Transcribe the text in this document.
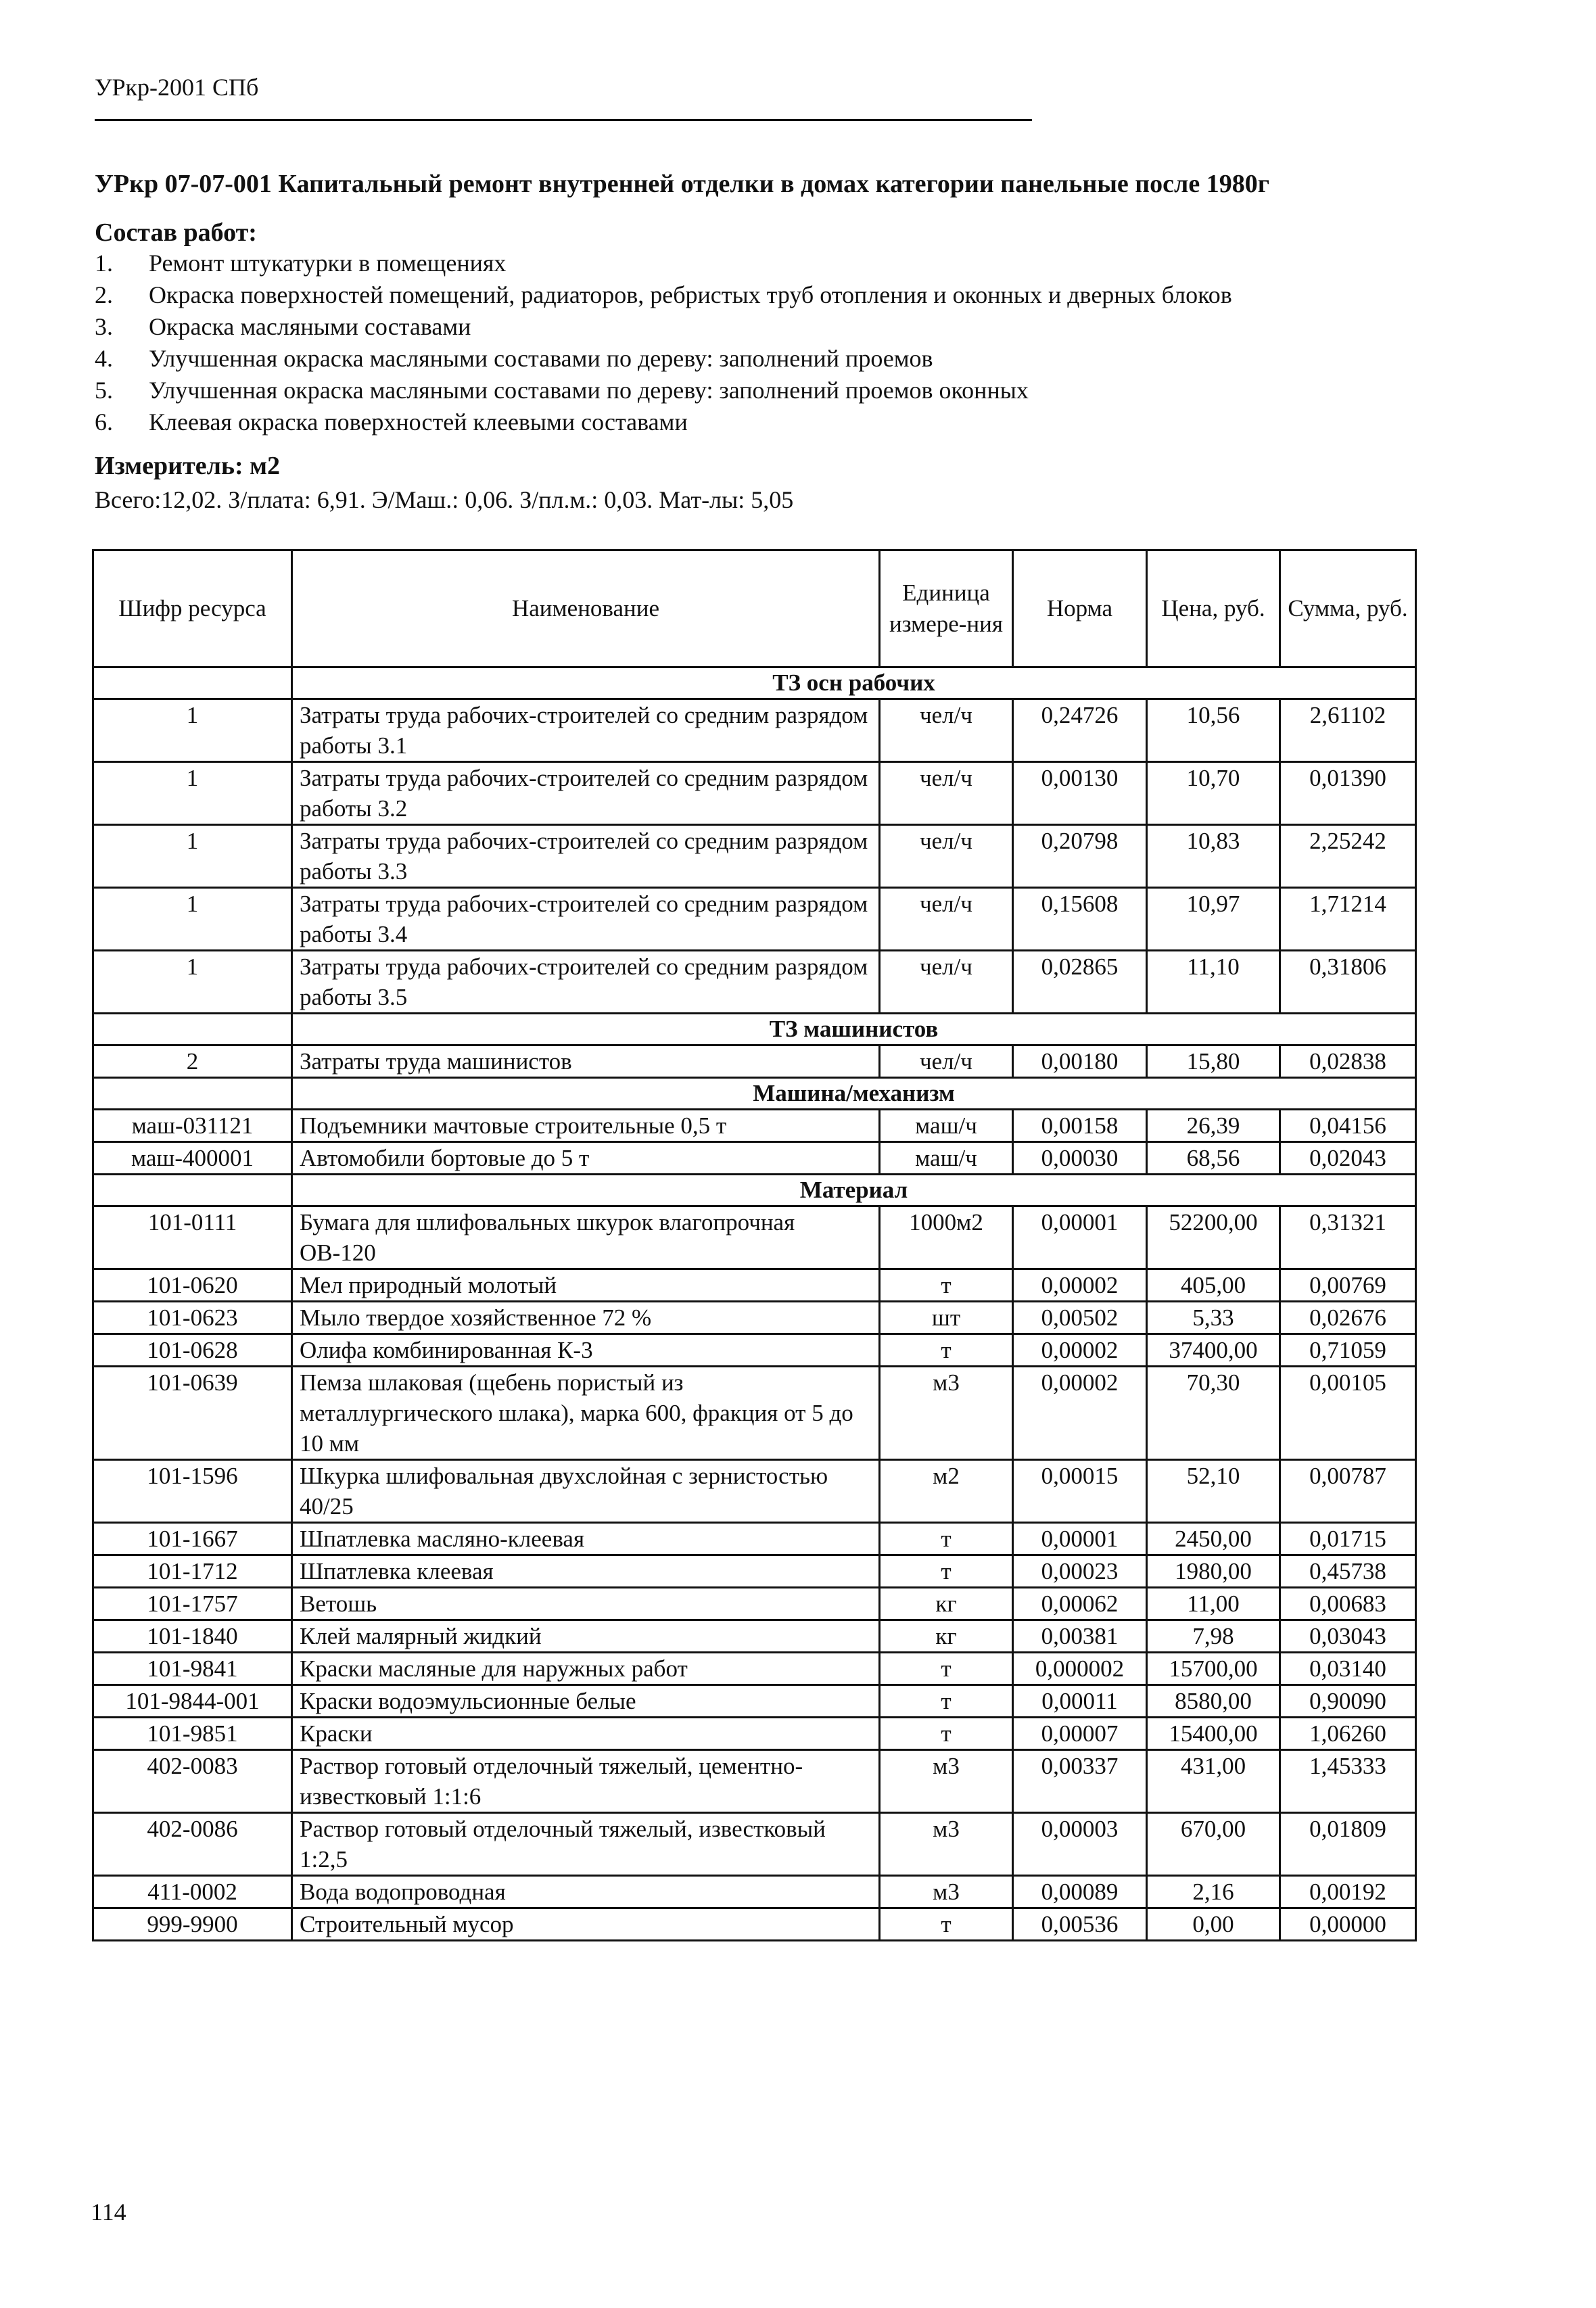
УРкр-2001 СПб
УРкр 07-07-001 Капитальный ремонт внутренней отделки в домах категории панельные после 1980г
Состав работ:
1.	Ремонт штукатурки в помещениях
2.	Окраска поверхностей помещений, радиаторов, ребристых труб отопления и оконных и дверных блоков
3.	Окраска масляными составами
4.	Улучшенная окраска масляными составами по дереву: заполнений проемов
5.	Улучшенная окраска масляными составами по дереву: заполнений проемов оконных
6.	Клеевая окраска поверхностей клеевыми составами
Измеритель: м2
Всего:12,02. З/плата: 6,91. Э/Маш.: 0,06. З/пл.м.: 0,03. Мат-лы: 5,05
Шифр ресурса	Наименование	Единица измере-ния	Норма	Цена, руб.	Сумма, руб.
	ТЗ осн рабочих				
1	Затраты труда рабочих-строителей со средним разрядом работы 3.1	чел/ч	0,24726	10,56	2,61102
1	Затраты труда рабочих-строителей со средним разрядом работы 3.2	чел/ч	0,00130	10,70	0,01390
1	Затраты труда рабочих-строителей со средним разрядом работы 3.3	чел/ч	0,20798	10,83	2,25242
1	Затраты труда рабочих-строителей со средним разрядом работы 3.4	чел/ч	0,15608	10,97	1,71214
1	Затраты труда рабочих-строителей со средним разрядом работы 3.5	чел/ч	0,02865	11,10	0,31806
	ТЗ машинистов				
2	Затраты труда машинистов	чел/ч	0,00180	15,80	0,02838
	Машина/механизм				
маш-031121	Подъемники мачтовые строительные 0,5 т	маш/ч	0,00158	26,39	0,04156
маш-400001	Автомобили бортовые до 5 т	маш/ч	0,00030	68,56	0,02043
	Материал				
101-0111	Бумага для шлифовальных шкурок влагопрочная ОВ-120	1000м2	0,00001	52200,00	0,31321
101-0620	Мел природный молотый	т	0,00002	405,00	0,00769
101-0623	Мыло твердое хозяйственное 72 %	шт	0,00502	5,33	0,02676
101-0628	Олифа комбинированная К-3	т	0,00002	37400,00	0,71059
101-0639	Пемза шлаковая (щебень пористый из металлургического шлака), марка 600, фракция от 5 до 10 мм	м3	0,00002	70,30	0,00105
101-1596	Шкурка шлифовальная двухслойная с зернистостью 40/25	м2	0,00015	52,10	0,00787
101-1667	Шпатлевка масляно-клеевая	т	0,00001	2450,00	0,01715
101-1712	Шпатлевка клеевая	т	0,00023	1980,00	0,45738
101-1757	Ветошь	кг	0,00062	11,00	0,00683
101-1840	Клей малярный жидкий	кг	0,00381	7,98	0,03043
101-9841	Краски масляные для наружных работ	т	0,000002	15700,00	0,03140
101-9844-001	Краски водоэмульсионные белые	т	0,00011	8580,00	0,90090
101-9851	Краски	т	0,00007	15400,00	1,06260
402-0083	Раствор готовый отделочный тяжелый, цементно-известковый 1:1:6	м3	0,00337	431,00	1,45333
402-0086	Раствор готовый отделочный тяжелый, известковый 1:2,5	м3	0,00003	670,00	0,01809
411-0002	Вода водопроводная	м3	0,00089	2,16	0,00192
999-9900	Строительный мусор	т	0,00536	0,00	0,00000
114
